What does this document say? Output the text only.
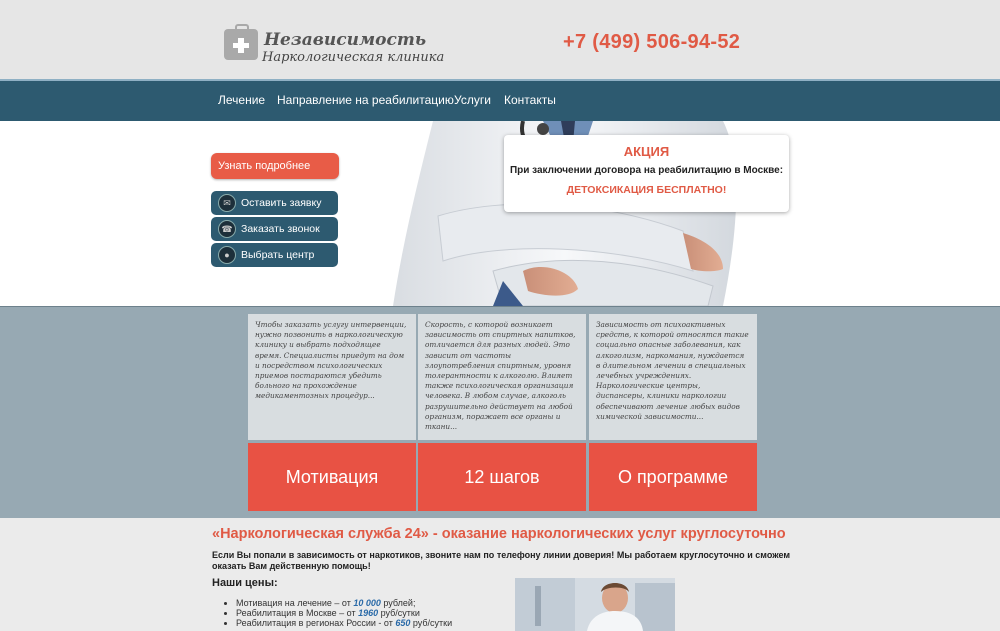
Независимость
Наркологическая клиника
+7 (499) 506-94-52
Лечение Направление на реабилитацию Услуги Контакты
Узнать подробнее
✉ Оставить заявку
☎ Заказать звонок
●	Выбрать центр
АКЦИЯ
При заключении договора на реабилитацию в Москве:
ДЕТОКСИКАЦИЯ БЕСПЛАТНО!
Чтобы заказать услугу интервенции, нужно позвонить в наркологическую клинику и выбрать подходящее время. Специалисты приедут на дом и посредством психологических приемов постараются убедить больного на прохождение медикаментозных процедур...
Скорость, с которой возникает зависимость от спиртных напитков, отличается для разных людей. Это зависит от частоты злоупотребления спиртным, уровня толерантности к алкоголю. Влияет также психологическая организация человека. В любом случае, алкоголь разрушительно действует на любой организм, поражает все органы и ткани...
Зависимость от психоактивных средств, к которой относятся такие социально опасные заболевания, как алкоголизм, наркомания, нуждается в длительном лечении в специальных лечебных учреждениях. Наркологические центры, диспансеры, клиники наркологии обеспечивают лечение любых видов химической зависимости...
Мотивация	12 шагов	О программе
«Наркологическая служба 24» - оказание наркологических услуг круглосуточно
Если Вы попали в зависимость от наркотиков, звоните нам по телефону линии доверия! Мы работаем круглосуточно и сможем оказать Вам действенную помощь!
Наши цены:
• Мотивация на лечение – от 10 000 рублей;
• Реабилитация в Москве – от 1960 руб/сутки
• Реабилитация в регионах России - от 650 руб/сутки
